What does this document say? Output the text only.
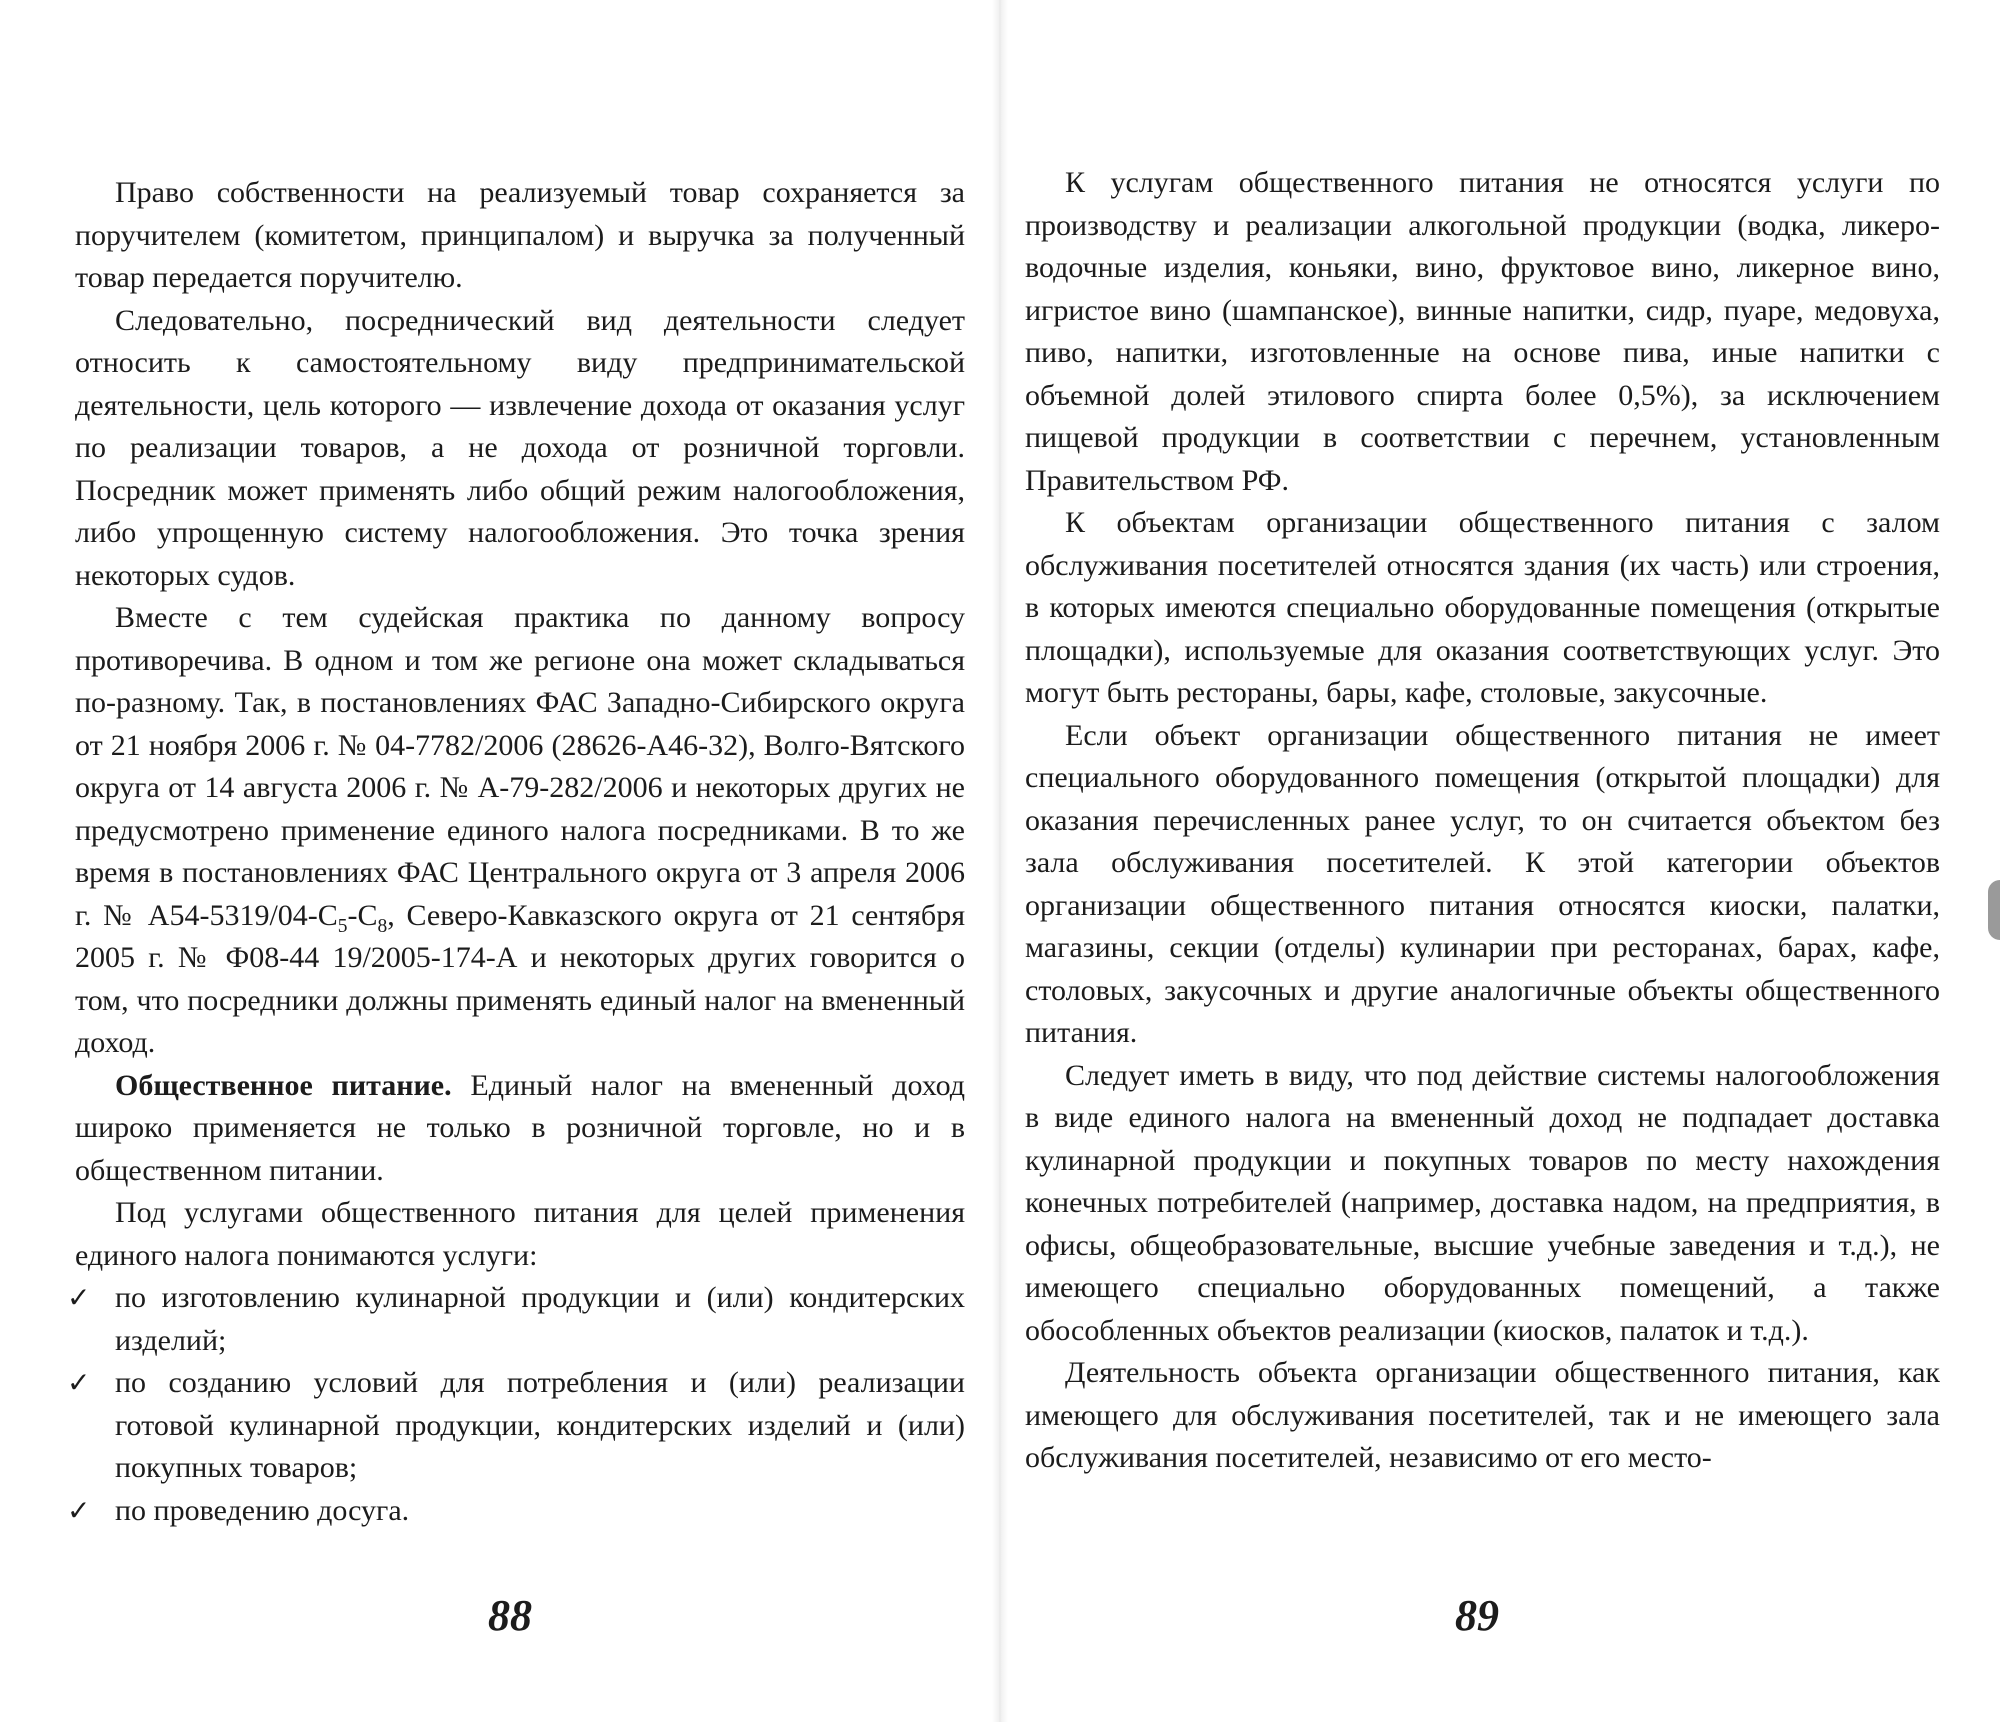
Право собственности на реализуемый товар сохраняется за поручителем (комитетом, принципалом) и выручка за полученный товар передается поручителю.

Следовательно, посреднический вид деятельности следует относить к самостоятельному виду предпринимательской деятельности, цель которого — извлечение дохода от оказания услуг по реализации товаров, а не дохода от розничной торговли. Посредник может применять либо общий режим налогообложения, либо упрощенную систему налогообложения. Это точка зрения некоторых судов.

Вместе с тем судейская практика по данному вопросу противоречива. В одном и том же регионе она может складываться по-разному. Так, в постановлениях ФАС Западно-Сибирского округа от 21 ноября 2006 г. № 04-7782/2006 (28626-А46-32), Волго-Вятского округа от 14 августа 2006 г. № А-79-282/2006 и некоторых других не предусмотрено применение единого налога посредниками. В то же время в постановлениях ФАС Центрального округа от 3 апреля 2006 г. № $А54-5319/04-С_5-С_8$, Северо-Кавказского округа от 21 сентября 2005 г. № Ф08-44 19/2005-174-А и некоторых других говорится о том, что посредники должны применять единый налог на вмененный доход.

Общественное питание. Единый налог на вмененный доход широко применяется не только в розничной торговле, но и в общественном питании.

Под услугами общественного питания для целей применения единого налога понимаются услуги:

✓ по изготовлению кулинарной продукции и (или) кондитерских изделий;
✓ по созданию условий для потребления и (или) реализации готовой кулинарной продукции, кондитерских изделий и (или) покупных товаров;
✓ по проведению досуга.
88

К услугам общественного питания не относятся услуги по производству и реализации алкогольной продукции (водка, ликеро-водочные изделия, коньяки, вино, фруктовое вино, ликерное вино, игристое вино (шампанское), винные напитки, сидр, пуаре, медовуха, пиво, напитки, изготовленные на основе пива, иные напитки с объемной долей этилового спирта более 0,5%), за исключением пищевой продукции в соответствии с перечнем, установленным Правительством РФ.

К объектам организации общественного питания с залом обслуживания посетителей относятся здания (их часть) или строения, в которых имеются специально оборудованные помещения (открытые площадки), используемые для оказания соответствующих услуг. Это могут быть рестораны, бары, кафе, столовые, закусочные.

Если объект организации общественного питания не имеет специального оборудованного помещения (открытой площадки) для оказания перечисленных ранее услуг, то он считается объектом без зала обслуживания посетителей. К этой категории объектов организации общественного питания относятся киоски, палатки, магазины, секции (отделы) кулинарии при ресторанах, барах, кафе, столовых, закусочных и другие аналогичные объекты общественного питания.

Следует иметь в виду, что под действие системы налогообложения в виде единого налога на вмененный доход не подпадает доставка кулинарной продукции и покупных товаров по месту нахождения конечных потребителей (например, доставка надом, на предприятия, в офисы, общеобразовательные, высшие учебные заведения и т.д.), не имеющего специально оборудованных помещений, а также обособленных объектов реализации (киосков, палаток и т.д.).

Деятельность объекта организации общественного питания, как имеющего для обслуживания посетителей, так и не имеющего зала обслуживания посетителей, независимо от его место-

89
